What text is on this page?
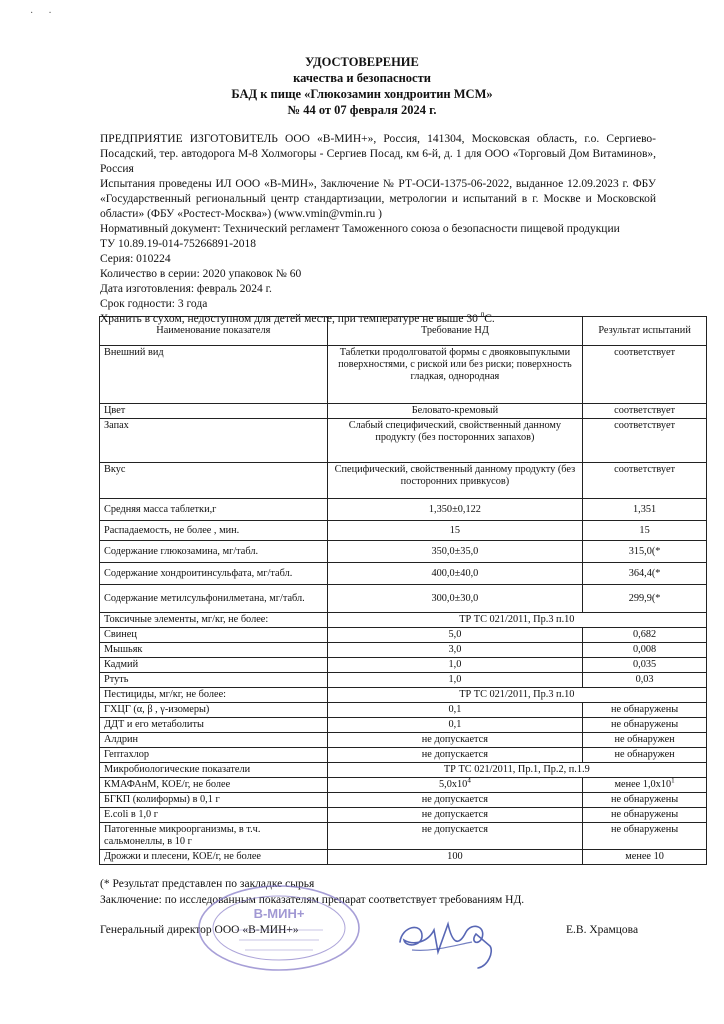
·      ·
УДОСТОВЕРЕНИЕ
качества и безопасности
БАД к пище «Глюкозамин хондроитин МСМ»
№ 44 от 07 февраля 2024 г.
ПРЕДПРИЯТИЕ ИЗГОТОВИТЕЛЬ ООО «В-МИН+», Россия, 141304, Московская область, г.о. Сергиево-Посадский, тер. автодорога М-8 Холмогоры - Сергиев Посад, км 6-й, д. 1 для ООО «Торговый Дом Витаминов», Россия
Испытания проведены ИЛ ООО «В-МИН», Заключение № РТ-ОСИ-1375-06-2022, выданное 12.09.2023 г. ФБУ «Государственный региональный центр стандартизации, метрологии и испытаний в г. Москве и Московской области» (ФБУ «Ростест-Москва») (www.vmin@vmin.ru )
Нормативный документ: Технический регламент Таможенного союза о безопасности пищевой продукции
ТУ 10.89.19-014-75266891-2018
Серия: 010224
Количество в серии: 2020 упаковок № 60
Дата изготовления: февраль 2024 г.
Срок годности: 3 года
Хранить в сухом, недоступном для детей месте, при температуре не выше 30 $^0$С.
Наименование показателя	Требование НД	Результат испытаний
Внешний вид	Таблетки продолговатой формы с двояковыпуклыми поверхностями, с риской или без риски; поверхность гладкая, однородная	соответствует
Цвет	Беловато-кремовый	соответствует
Запах	Слабый специфический, свойственный данному продукту (без посторонних запахов)	соответствует
Вкус	Специфический, свойственный данному продукту (без посторонних привкусов)	соответствует
Средняя масса таблетки,г	1,350±0,122	1,351
Распадаемость, не более , мин.	15	15
Содержание глюкозамина, мг/табл.	350,0±35,0	315,0(*
Содержание хондроитинсульфата, мг/табл.	400,0±40,0	364,4(*
Содержание метилсульфонилметана, мг/табл.	300,0±30,0	299,9(*
Токсичные элементы, мг/кг, не более:	ТР ТС 021/2011, Пр.3 п.10	
Свинец	5,0	0,682
Мышьяк	3,0	0,008
Кадмий	1,0	0,035
Ртуть	1,0	0,03
Пестициды, мг/кг, не более:	ТР ТС 021/2011, Пр.3 п.10	
ГХЦГ (α, β , γ-изомеры)	0,1	не обнаружены
ДДТ и его метаболиты	0,1	не обнаружены
Алдрин	не допускается	не обнаружен
Гептахлор	не допускается	не обнаружен
Микробиологические показатели	ТР ТС 021/2011, Пр.1, Пр.2, п.1.9	
КМАФАнМ, КОЕ/г, не более	$5,0х10^4$	менее $1,0х10^1$
БГКП (колиформы) в 0,1 г	не допускается	не обнаружены
E.coli в 1,0 г	не допускается	не обнаружены
Патогенные микроорганизмы, в т.ч. сальмонеллы, в 10 г	не допускается	не обнаружены
Дрожжи и плесени, КОЕ/г, не более	100	менее 10
(* Результат представлен по закладке сырья
Заключение: по исследованным показателям препарат соответствует требованиям НД.
Генеральный директор ООО «В-МИН+»	Е.В. Храмцова
В-МИН+
